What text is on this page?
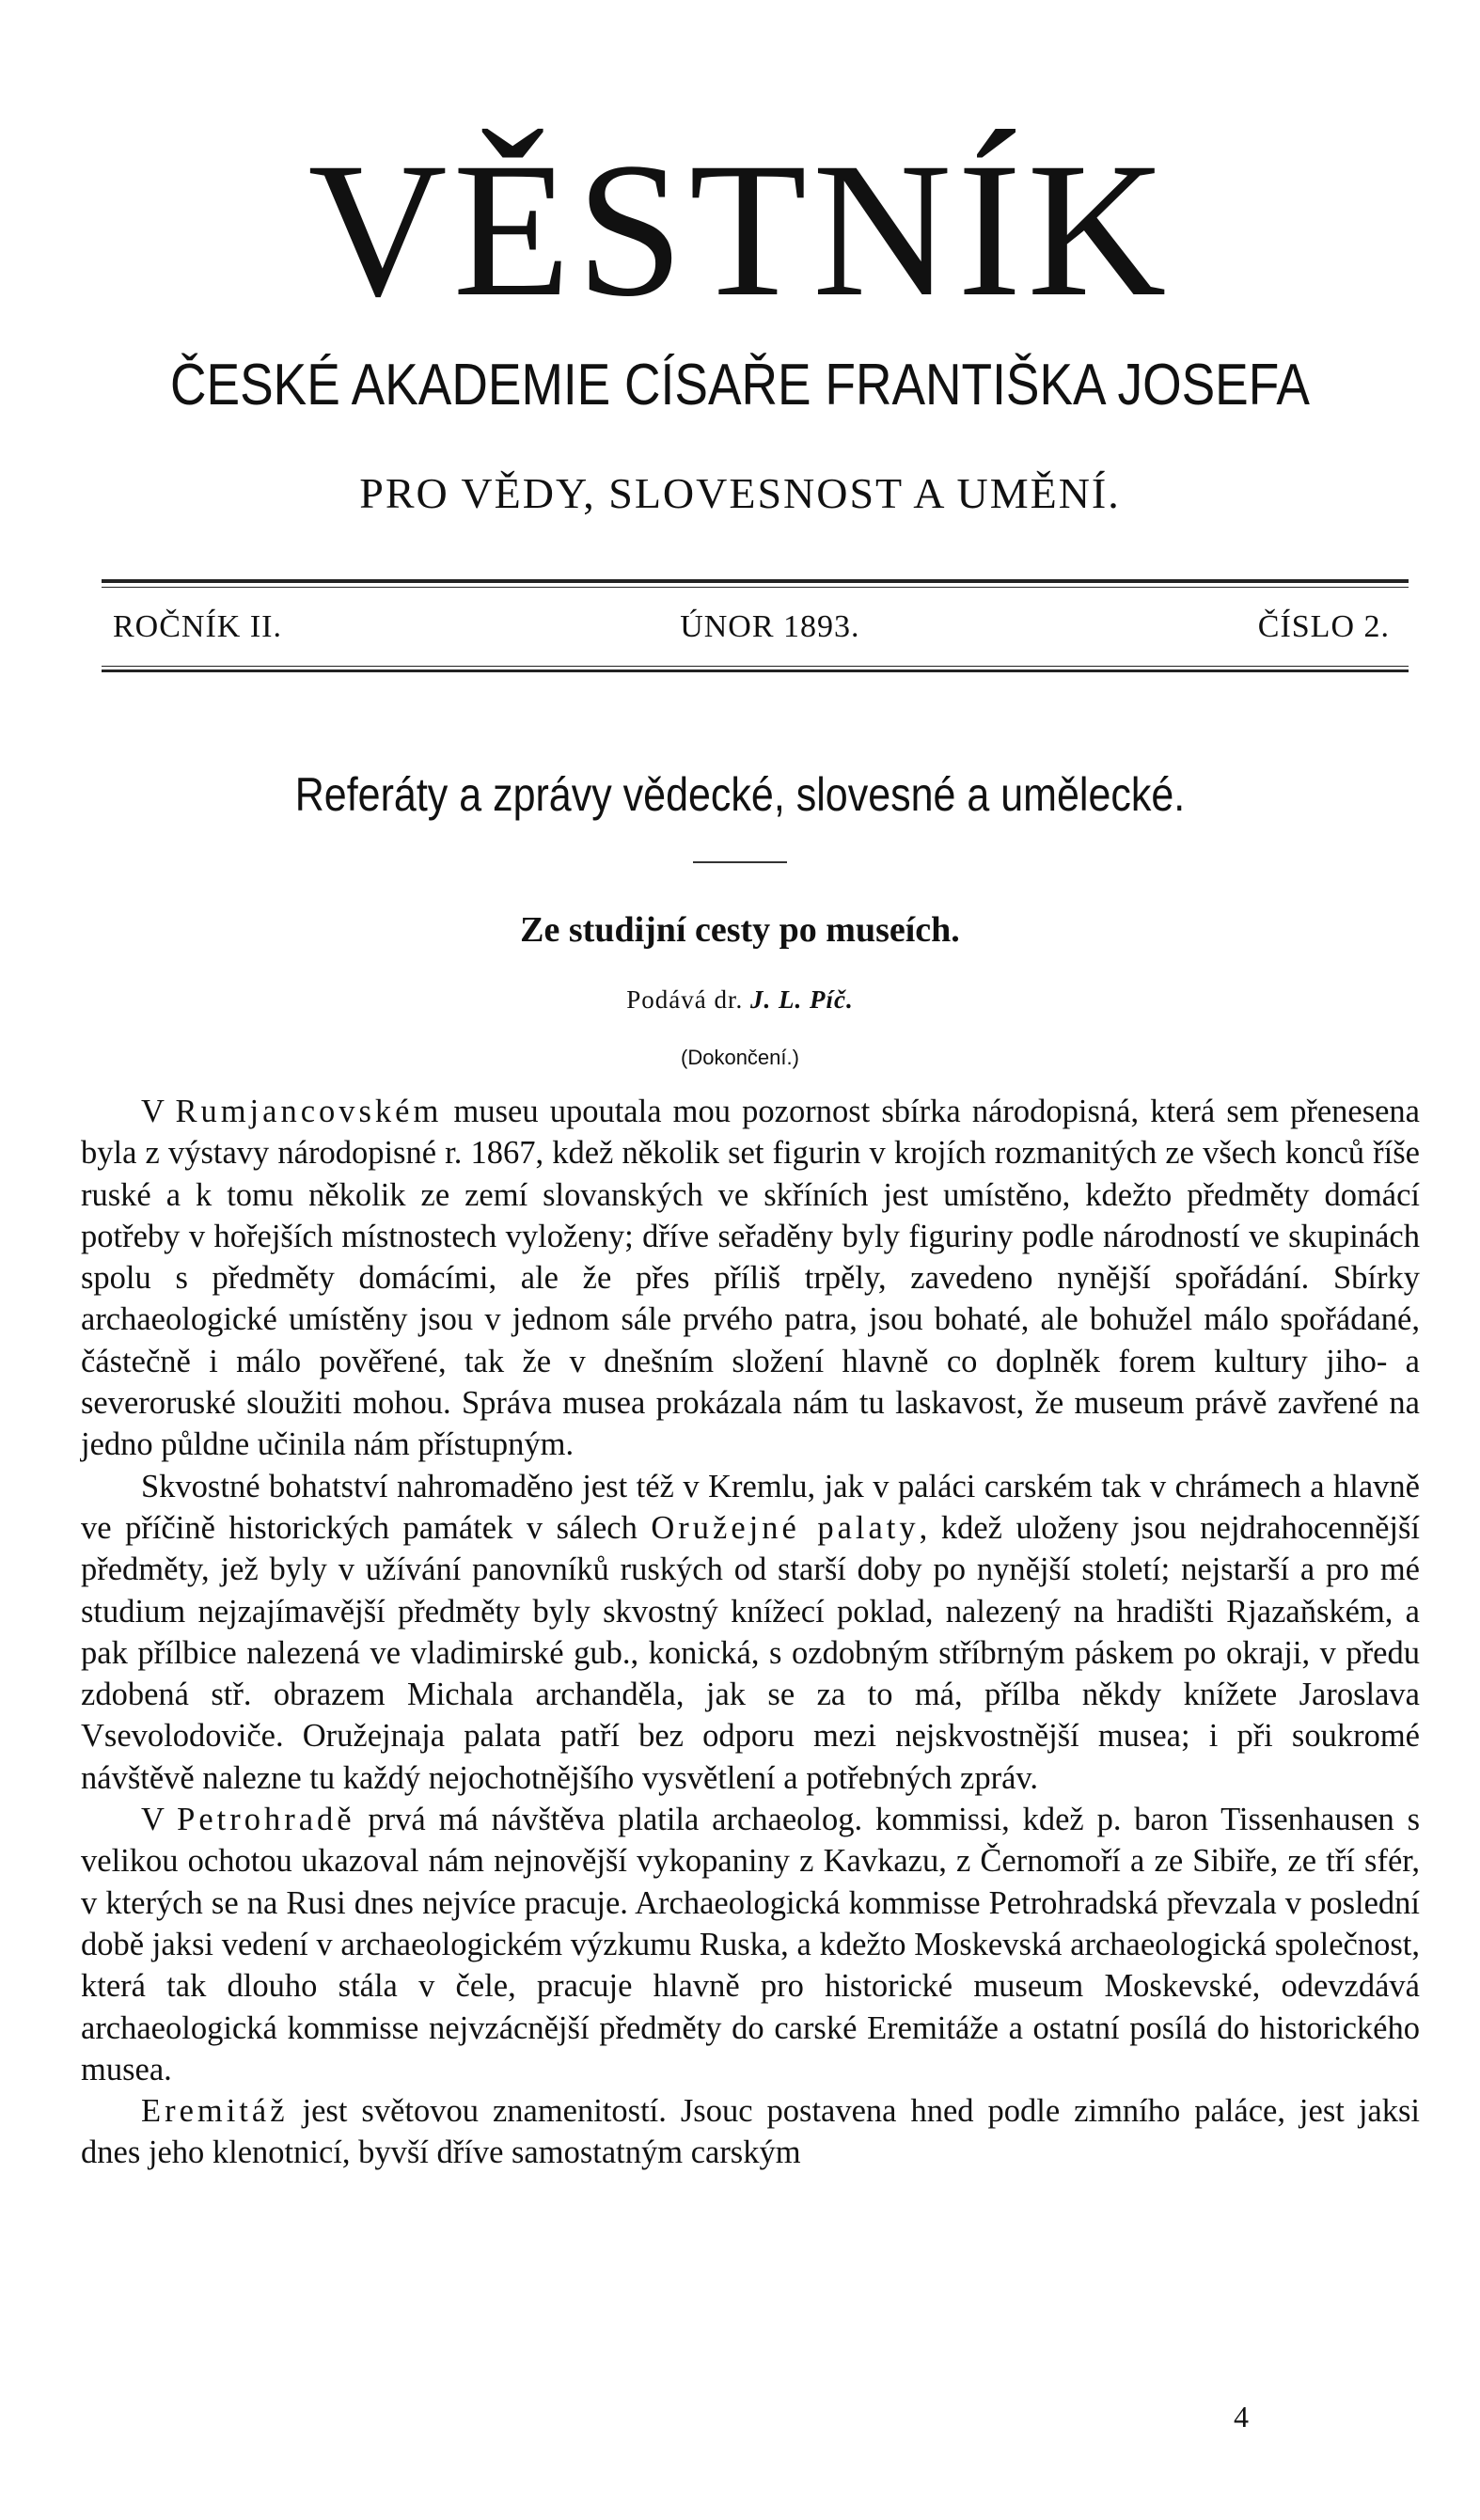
VĚSTNÍK
ČESKÉ AKADEMIE CÍSAŘE FRANTIŠKA JOSEFA
PRO VĚDY, SLOVESNOST A UMĚNÍ.
ROČNÍK II.	ÚNOR 1893.	ČÍSLO 2.
Referáty a zprávy vědecké, slovesné a umělecké.
Ze studijní cesty po museích.
Podává dr. J. L. Píč.
(Dokončení.)

V Rumjancovském museu upoutala mou pozornost sbírka národopisná, která sem přenesena byla z výstavy národopisné r. 1867, kdež několik set figurin v krojích rozmanitých ze všech konců říše ruské a k tomu několik ze zemí slovanských ve skříních jest umístěno, kdežto předměty domácí potřeby v hořejších místnostech vyloženy; dříve seřaděny byly figuriny podle národností ve skupinách spolu s předměty domácími, ale že přes příliš trpěly, zavedeno nynější spořádání. Sbírky archaeologické umístěny jsou v jednom sále prvého patra, jsou bohaté, ale bohužel málo spořádané, částečně i málo pověřené, tak že v dnešním složení hlavně co doplněk forem kultury jiho- a severoruské sloužiti mohou. Správa musea prokázala nám tu laskavost, že museum právě zavřené na jedno půldne učinila nám přístupným.

Skvostné bohatství nahromaděno jest též v Kremlu, jak v paláci carském tak v chrámech a hlavně ve příčině historických památek v sálech Oružejné palaty, kdež uloženy jsou nejdrahocennější předměty, jež byly v užívání panovníků ruských od starší doby po nynější století; nejstarší a pro mé studium nejzajímavější předměty byly skvostný knížecí poklad, nalezený na hradišti Rjazaňském, a pak přílbice nalezená ve vladimirské gub., konická, s ozdobným stříbrným páskem po okraji, v předu zdobená stř. obrazem Michala archanděla, jak se za to má, přílba někdy knížete Jaroslava Vsevolodoviče. Oružejnaja palata patří bez odporu mezi nejskvostnější musea; i při soukromé návštěvě nalezne tu každý nejochotnějšího vysvětlení a potřebných zpráv.

V Petrohradě prvá má návštěva platila archaeolog. kommissi, kdež p. baron Tissenhausen s velikou ochotou ukazoval nám nejnovější vykopaniny z Kavkazu, z Černomoří a ze Sibiře, ze tří sfér, v kterých se na Rusi dnes nejvíce pracuje. Archaeologická kommisse Petrohradská převzala v poslední době jaksi vedení v archaeologickém výzkumu Ruska, a kdežto Moskevská archaeologická společnost, která tak dlouho stála v čele, pracuje hlavně pro historické museum Moskevské, odevzdává archaeologická kommisse nejvzácnější předměty do carské Eremitáže a ostatní posílá do historického musea.

Eremitáž jest světovou znamenitostí. Jsouc postavena hned podle zimního paláce, jest jaksi dnes jeho klenotnicí, byvší dříve samostatným carským

4
